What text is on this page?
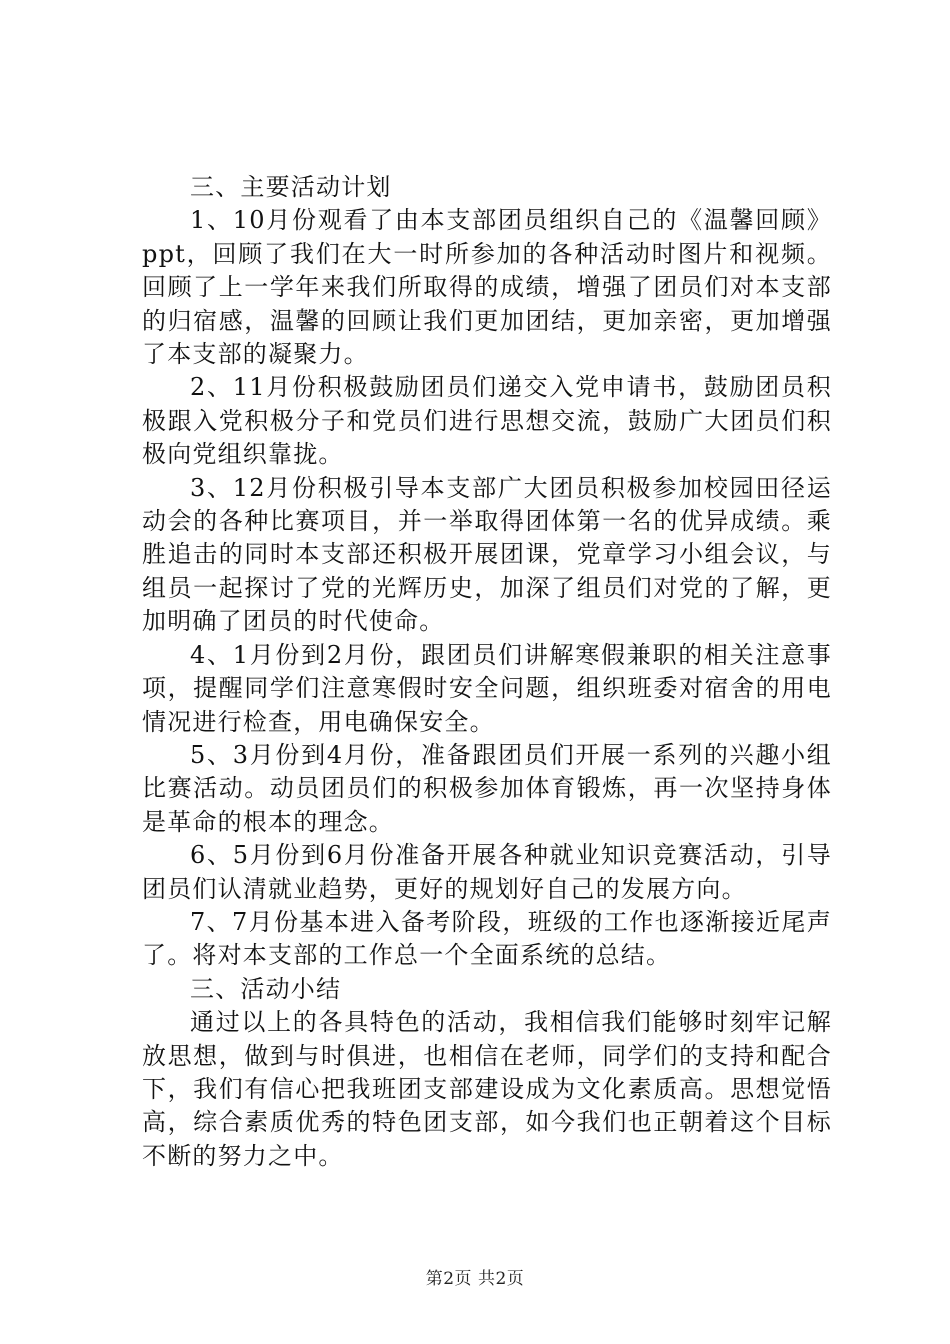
三、主要活动计划

1、10月份观看了由本支部团员组织自己的《温馨回顾》ppt，回顾了我们在大一时所参加的各种活动时图片和视频。回顾了上一学年来我们所取得的成绩，增强了团员们对本支部的归宿感，温馨的回顾让我们更加团结，更加亲密，更加增强了本支部的凝聚力。

2、11月份积极鼓励团员们递交入党申请书，鼓励团员积极跟入党积极分子和党员们进行思想交流，鼓励广大团员们积极向党组织靠拢。

3、12月份积极引导本支部广大团员积极参加校园田径运动会的各种比赛项目，并一举取得团体第一名的优异成绩。乘胜追击的同时本支部还积极开展团课，党章学习小组会议，与组员一起探讨了党的光辉历史，加深了组员们对党的了解，更加明确了团员的时代使命。

4、1月份到2月份，跟团员们讲解寒假兼职的相关注意事项，提醒同学们注意寒假时安全问题，组织班委对宿舍的用电情况进行检查，用电确保安全。

5、3月份到4月份，准备跟团员们开展一系列的兴趣小组比赛活动。动员团员们的积极参加体育锻炼，再一次坚持身体是革命的根本的理念。

6、5月份到6月份准备开展各种就业知识竞赛活动，引导团员们认清就业趋势，更好的规划好自己的发展方向。

7、7月份基本进入备考阶段，班级的工作也逐渐接近尾声了。将对本支部的工作总一个全面系统的总结。

三、活动小结

通过以上的各具特色的活动，我相信我们能够时刻牢记解放思想，做到与时俱进，也相信在老师，同学们的支持和配合下，我们有信心把我班团支部建设成为文化素质高。思想觉悟高，综合素质优秀的特色团支部，如今我们也正朝着这个目标不断的努力之中。

第2页 共2页
